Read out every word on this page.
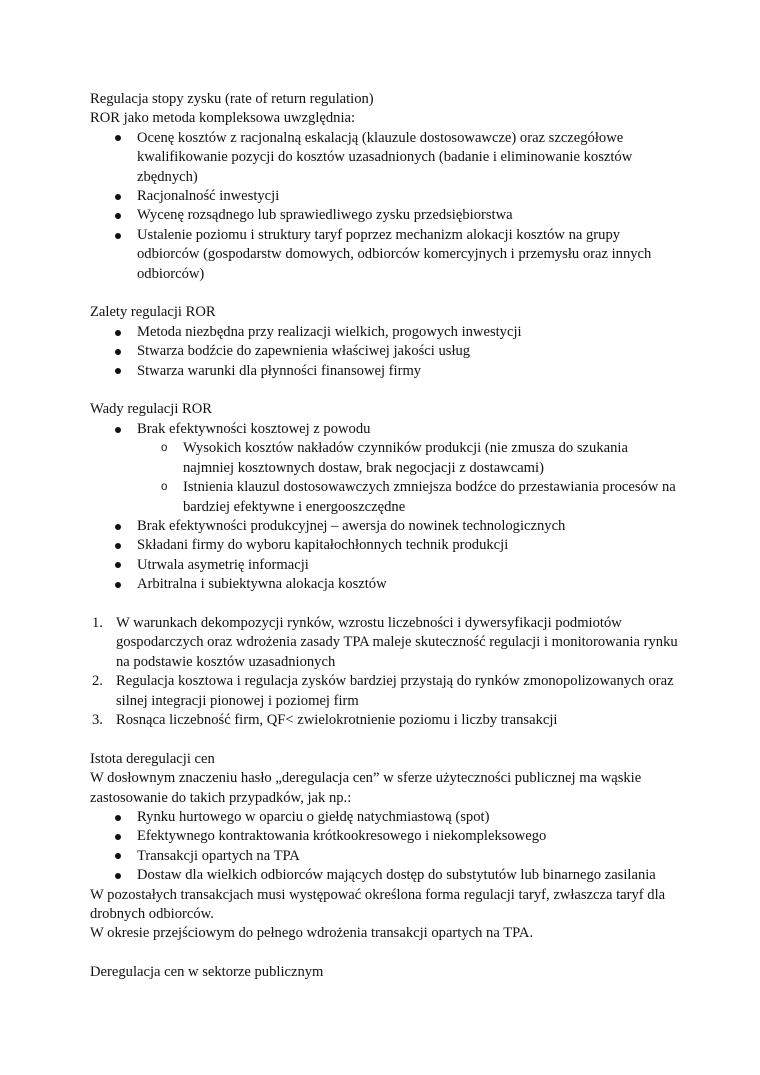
Regulacja stopy zysku (rate of return regulation)

ROR jako metoda kompleksowa uwzględnia:

Ocenę kosztów z racjonalną eskalacją (klauzule dostosowawcze) oraz szczegółowe kwalifikowanie pozycji do kosztów uzasadnionych (badanie i eliminowanie kosztów zbędnych)
Racjonalność inwestycji
Wycenę rozsądnego lub sprawiedliwego zysku przedsiębiorstwa
Ustalenie poziomu i struktury taryf poprzez mechanizm alokacji kosztów na grupy odbiorców (gospodarstw domowych, odbiorców komercyjnych i przemysłu oraz innych odbiorców)

Zalety regulacji ROR

Metoda niezbędna przy realizacji wielkich, progowych inwestycji
Stwarza bodźcie do zapewnienia właściwej jakości usług
Stwarza warunki dla płynności finansowej firmy

Wady regulacji ROR

Brak efektywności kosztowej z powodu
o Wysokich kosztów nakładów czynników produkcji (nie zmusza do szukania najmniej kosztownych dostaw, brak negocjacji z dostawcami)
o Istnienia klauzul dostosowawczych zmniejsza bodźce do przestawiania procesów na bardziej efektywne i energooszczędne
Brak efektywności produkcyjnej – awersja do nowinek technologicznych
Składani firmy do wyboru kapitałochłonnych technik produkcji
Utrwala asymetrię informacji
Arbitralna i subiektywna alokacja kosztów
1. W warunkach dekompozycji rynków, wzrostu liczebności i dywersyfikacji podmiotów gospodarczych oraz wdrożenia zasady TPA maleje skuteczność regulacji i monitorowania rynku na podstawie kosztów uzasadnionych
2. Regulacja kosztowa i regulacja zysków bardziej przystają do rynków zmonopolizowanych oraz silnej integracji pionowej i poziomej firm
3. Rosnąca liczebność firm, QF< zwielokrotnienie poziomu i liczby transakcji

Istota deregulacji cen

W dosłownym znaczeniu hasło „deregulacja cen” w sferze użyteczności publicznej ma wąskie zastosowanie do takich przypadków, jak np.:

Rynku hurtowego w oparciu o giełdę natychmiastową (spot)
Efektywnego kontraktowania krótkookresowego i niekompleksowego
Transakcji opartych na TPA
Dostaw dla wielkich odbiorców mających dostęp do substytutów lub binarnego zasilania

W pozostałych transakcjach musi występować określona forma regulacji taryf, zwłaszcza taryf dla drobnych odbiorców.

W okresie przejściowym do pełnego wdrożenia transakcji opartych na TPA.

Deregulacja cen w sektorze publicznym
